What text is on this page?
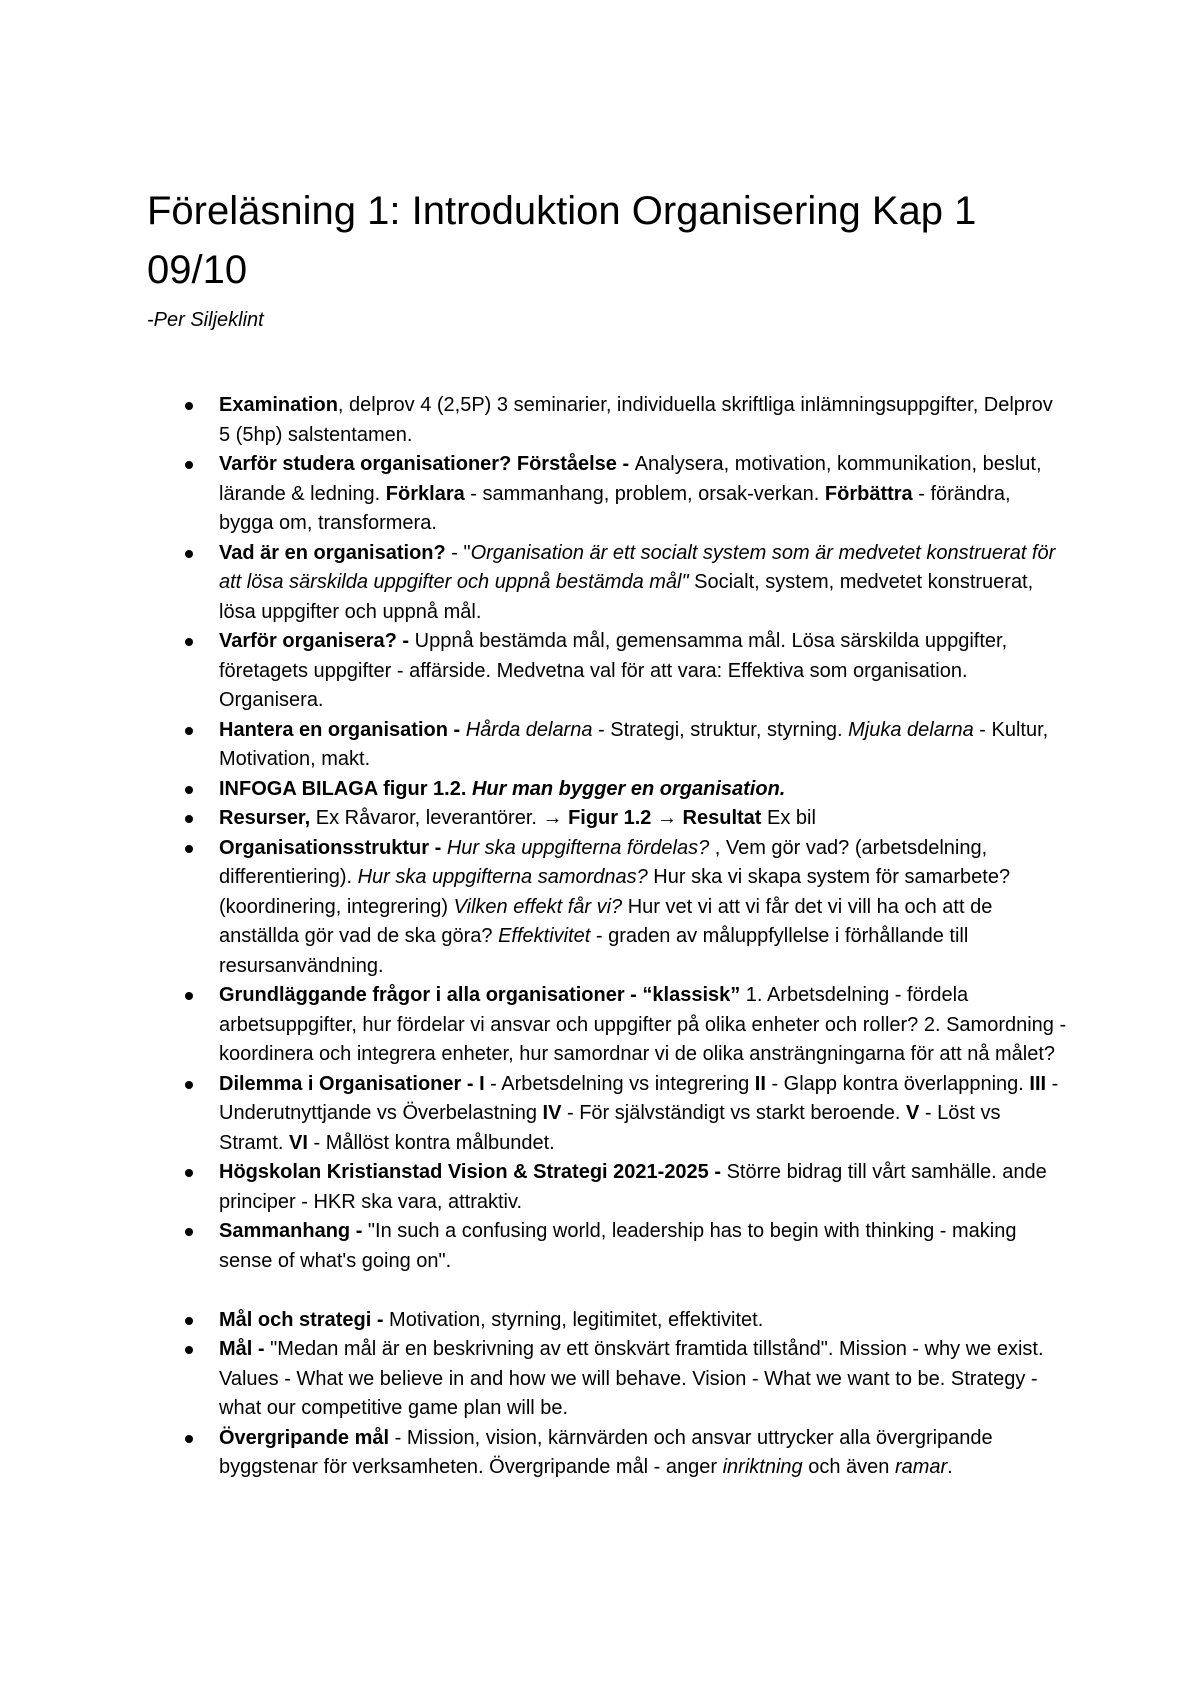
Föreläsning 1: Introduktion Organisering Kap 1 09/10

-Per Siljeklint

Examination, delprov 4 (2,5P) 3 seminarier, individuella skriftliga inlämningsuppgifter, Delprov 5 (5hp) salstentamen.
Varför studera organisationer? Förståelse - Analysera, motivation, kommunikation, beslut, lärande & ledning. Förklara - sammanhang, problem, orsak-verkan. Förbättra - förändra, bygga om, transformera.
Vad är en organisation? - "Organisation är ett socialt system som är medvetet konstruerat för att lösa särskilda uppgifter och uppnå bestämda mål" Socialt, system, medvetet konstruerat, lösa uppgifter och uppnå mål.
Varför organisera? - Uppnå bestämda mål, gemensamma mål. Lösa särskilda uppgifter, företagets uppgifter - affärside. Medvetna val för att vara: Effektiva som organisation. Organisera.
Hantera en organisation - Hårda delarna - Strategi, struktur, styrning. Mjuka delarna - Kultur, Motivation, makt.
INFOGA BILAGA figur 1.2. Hur man bygger en organisation.
Resurser, Ex Råvaror, leverantörer. → Figur 1.2 → Resultat Ex bil
Organisationsstruktur - Hur ska uppgifterna fördelas? , Vem gör vad? (arbetsdelning, differentiering). Hur ska uppgifterna samordnas? Hur ska vi skapa system för samarbete? (koordinering, integrering) Vilken effekt får vi? Hur vet vi att vi får det vi vill ha och att de anställda gör vad de ska göra? Effektivitet - graden av måluppfyllelse i förhållande till resursanvändning.
Grundläggande frågor i alla organisationer - “klassisk” 1. Arbetsdelning - fördela arbetsuppgifter, hur fördelar vi ansvar och uppgifter på olika enheter och roller? 2. Samordning - koordinera och integrera enheter, hur samordnar vi de olika ansträngningarna för att nå målet?
Dilemma i Organisationer - I - Arbetsdelning vs integrering II - Glapp kontra överlappning. III - Underutnyttjande vs Överbelastning IV - För självständigt vs starkt beroende. V - Löst vs Stramt. VI - Mållöst kontra målbundet.
Högskolan Kristianstad Vision & Strategi 2021-2025 - Större bidrag till vårt samhälle. ande principer - HKR ska vara, attraktiv.
Sammanhang - "In such a confusing world, leadership has to begin with thinking - making sense of what's going on".
Mål och strategi - Motivation, styrning, legitimitet, effektivitet.
Mål - "Medan mål är en beskrivning av ett önskvärt framtida tillstånd". Mission - why we exist. Values - What we believe in and how we will behave. Vision - What we want to be. Strategy - what our competitive game plan will be.
Övergripande mål - Mission, vision, kärnvärden och ansvar uttrycker alla övergripande byggstenar för verksamheten. Övergripande mål - anger inriktning och även ramar.
